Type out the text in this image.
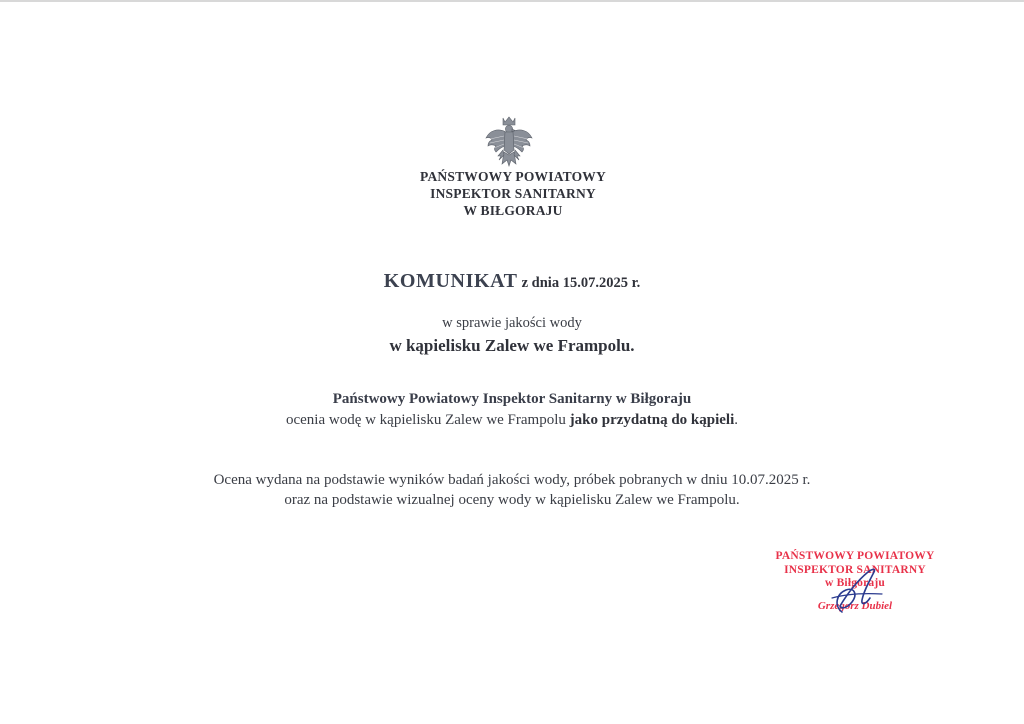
PAŃSTWOWY POWIATOWY
INSPEKTOR SANITARNY
W BIŁGORAJU
KOMUNIKAT z dnia 15.07.2025 r.
w sprawie jakości wody
w kąpielisku Zalew we Frampolu.
Państwowy Powiatowy Inspektor Sanitarny w Biłgoraju
ocenia wodę w kąpielisku Zalew we Frampolu jako przydatną do kąpieli.
Ocena wydana na podstawie wyników badań jakości wody, próbek pobranych w dniu 10.07.2025 r.
oraz na podstawie wizualnej oceny wody w kąpielisku Zalew we Frampolu.
PAŃSTWOWY POWIATOWY
INSPEKTOR SANITARNY
w Biłgoraju
Grzegorz Dubiel
